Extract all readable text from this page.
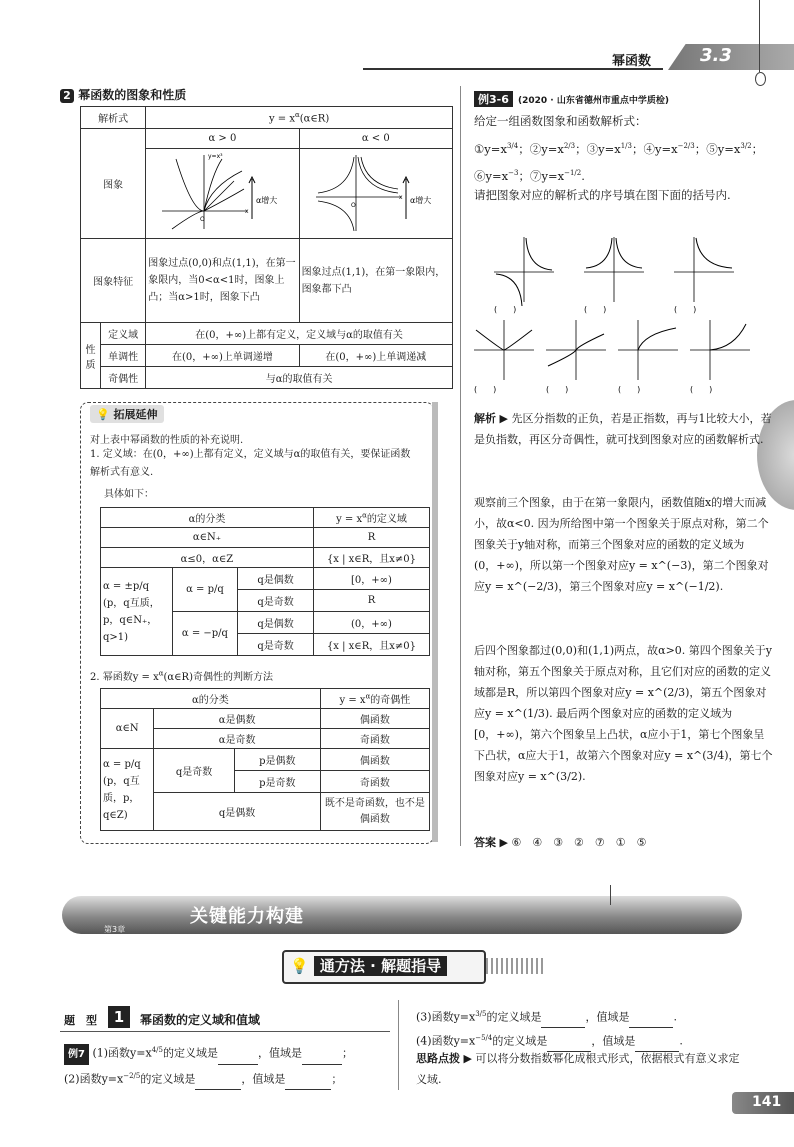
幂函数	3.3
2 幂函数的图象和性质
解析式		$y = x^\alpha(\alpha\in R)$	
图象		α > 0	α < 0

O
y=x³
x
α增大	O
x α增大

图象特征		图象过点(0,0)和点(1,1)，在第一象限内，当0<α<1时，图象上凸；当α>1时，图象下凸	图象过点(1,1)，在第一象限内，图象都下凸
性质	定义域	在(0，+∞)上都有定义，定义域与α的取值有关	
	单调性	在(0，+∞)上单调递增	在(0，+∞)上单调递减
	奇偶性	与α的取值有关	
💡 拓展延伸
对上表中幂函数的性质的补充说明.
1. 定义域：在(0，+∞)上都有定义，定义域与α的取值有关，要保证函数解析式有意义.
具体如下：
α的分类			$y = x^\alpha$的定义域
α∈N₊			R
α≤0，α∈Z			{x | x∈R，且x≠0}
α = ±p/q (p，q互质，p，q∈N₊，q>1)	α = p/q	q是偶数	[0，+∞)
		q是奇数	R
	α = −p/q	q是偶数	(0，+∞)
		q是奇数	{x | x∈R，且x≠0}
2. 幂函数$y = x^\alpha(\alpha\in R)$奇偶性的判断方法
α的分类			$y = x^\alpha$的奇偶性
α∈N	α是偶数		偶函数
	α是奇数		奇函数
α = p/q (p，q互质，p，q∈Z)	q是奇数	p是偶数	偶函数
		p是奇数	奇函数
	q是偶数		既不是奇函数，也不是偶函数
例3-6 (2020 · 山东省德州市重点中学质检)
给定一组函数图象和函数解析式：
$①y=x^{3/4}$；$②y=x^{2/3}$；$③y=x^{1/3}$；$④y=x^{-2/3}$；$⑤y=x^{3/2}$；$⑥y=x^{-3}$；$⑦y=x^{-1/2}$.
请把图象对应的解析式的序号填在图下面的括号内.
(　　)	(　　)	(　　)
(　　)	(　　)	(　　)	(　　)
解析 ▶ 先区分指数的正负，若是正指数，再与1比较大小，若是负指数，再区分奇偶性，就可找到图象对应的函数解析式.
观察前三个图象，由于在第一象限内，函数值随x的增大而减小，故α<0. 因为所给图中第一个图象关于原点对称，第二个图象关于y轴对称，而第三个图象对应的函数的定义域为(0，+∞)，所以第一个图象对应y = x^(−3)，第二个图象对应y = x^(−2/3)，第三个图象对应y = x^(−1/2).
后四个图象都过(0,0)和(1,1)两点，故α>0. 第四个图象关于y轴对称，第五个图象关于原点对称，且它们对应的函数的定义域都是R，所以第四个图象对应y = x^(2/3)，第五个图象对应y = x^(1/3). 最后两个图象对应的函数的定义域为[0，+∞)，第六个图象呈上凸状，α应小于1，第七个图象呈下凸状，α应大于1，故第六个图象对应y = x^(3/4)，第七个图象对应y = x^(3/2).
答案 ▶ ⑥　④　③　②　⑦　①　⑤
第3章
关键能力构建
💡 通方法 · 解题指导
题　型	1	幂函数的定义域和值域
例7 (1)函数$y=x^{4/5}$的定义域是	，值域是	；
(2)函数$y=x^{-2/5}$的定义域是	，值域是	；
(3)函数$y=x^{3/5}$的定义域是	，值域是	.
(4)函数$y=x^{-5/4}$的定义域是	，值域是	.
思路点拨 ▶ 可以将分数指数幂化成根式形式，依据根式有意义求定义域.
141
